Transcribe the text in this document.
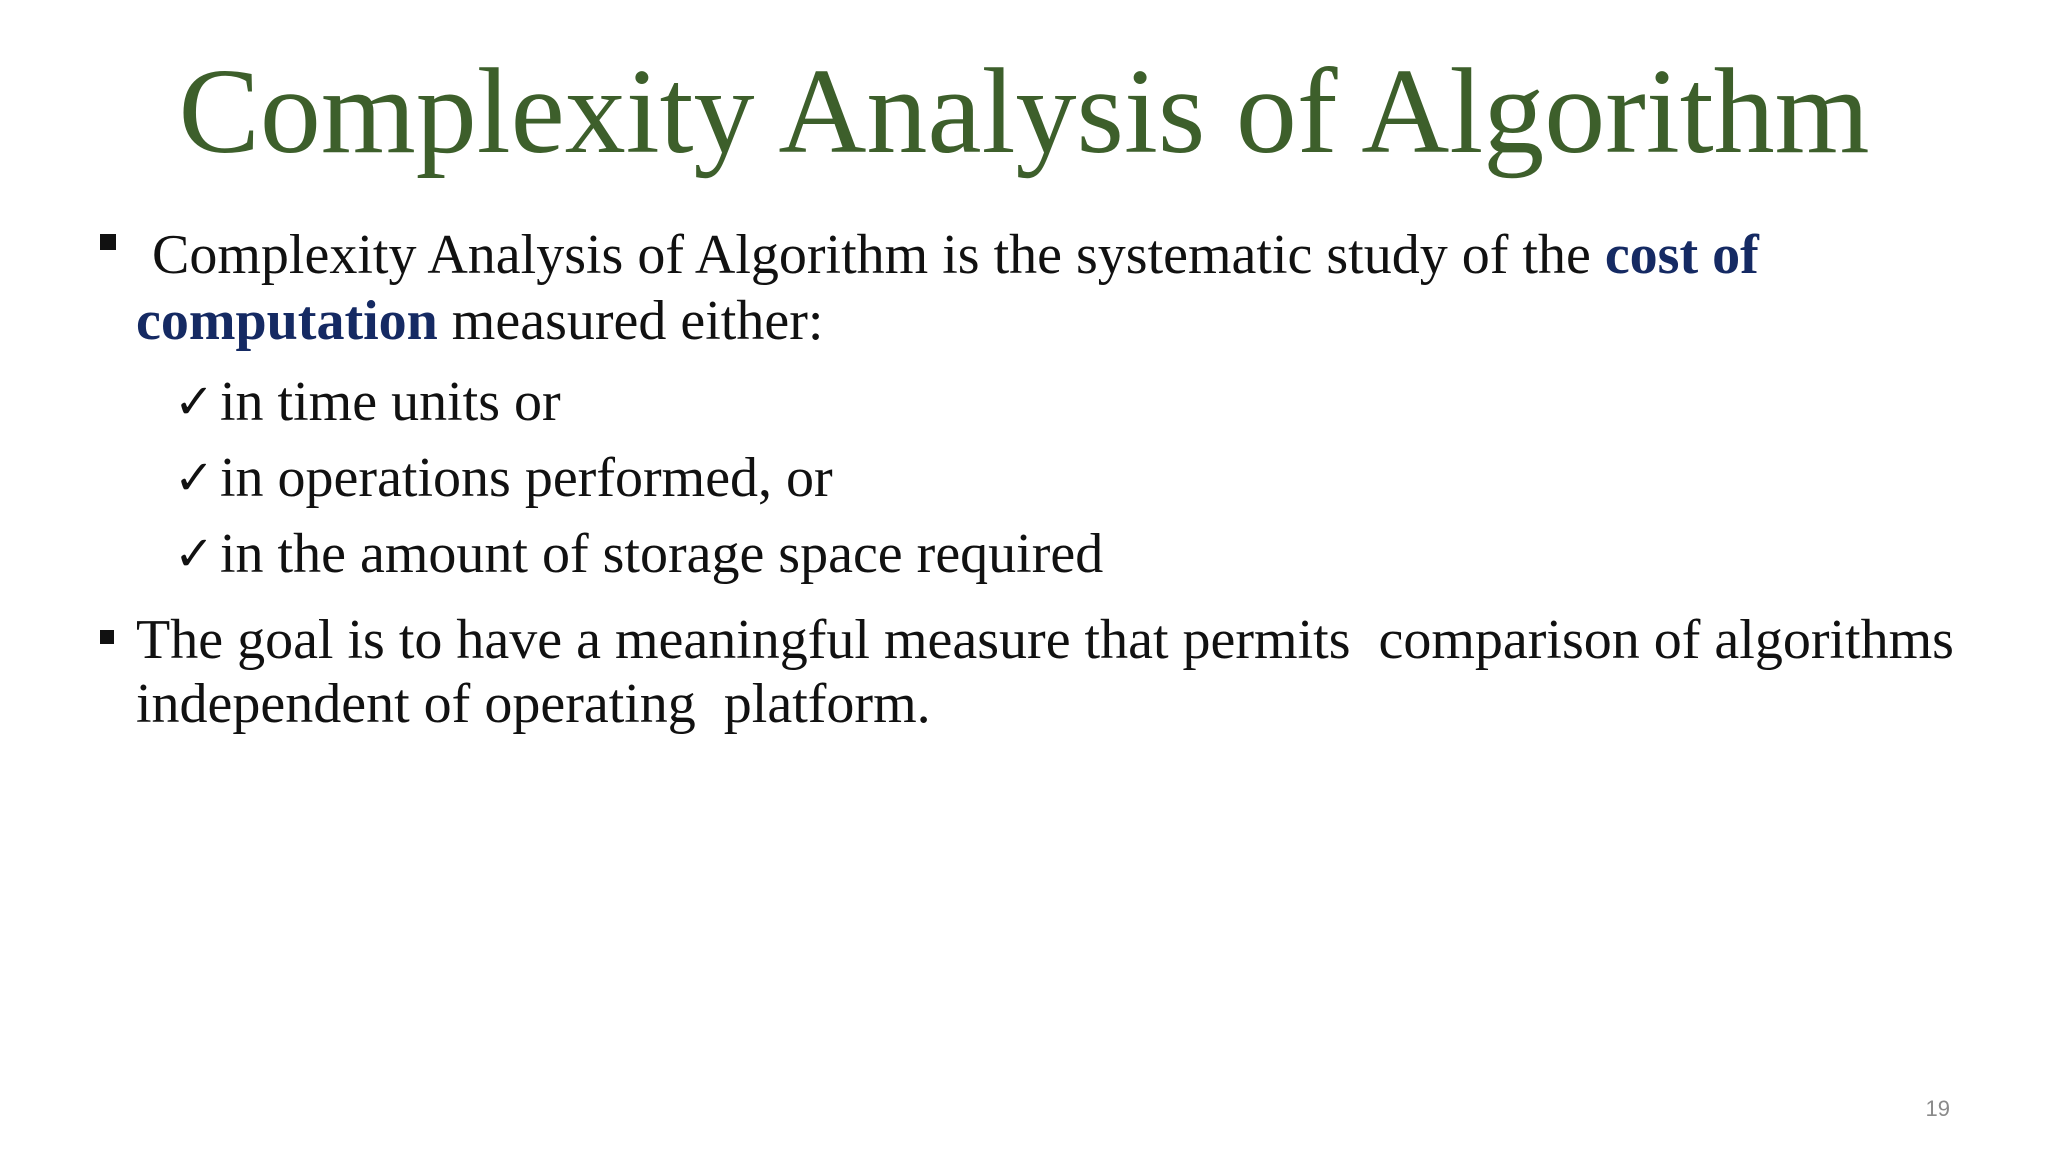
Complexity Analysis of Algorithm
Complexity Analysis of Algorithm is the systematic study of the cost of computation measured either:
✓ in time units or
✓ in operations performed, or
✓ in the amount of storage space required
The goal is to have a meaningful measure that permits  comparison of algorithms independent of operating  platform.
19
